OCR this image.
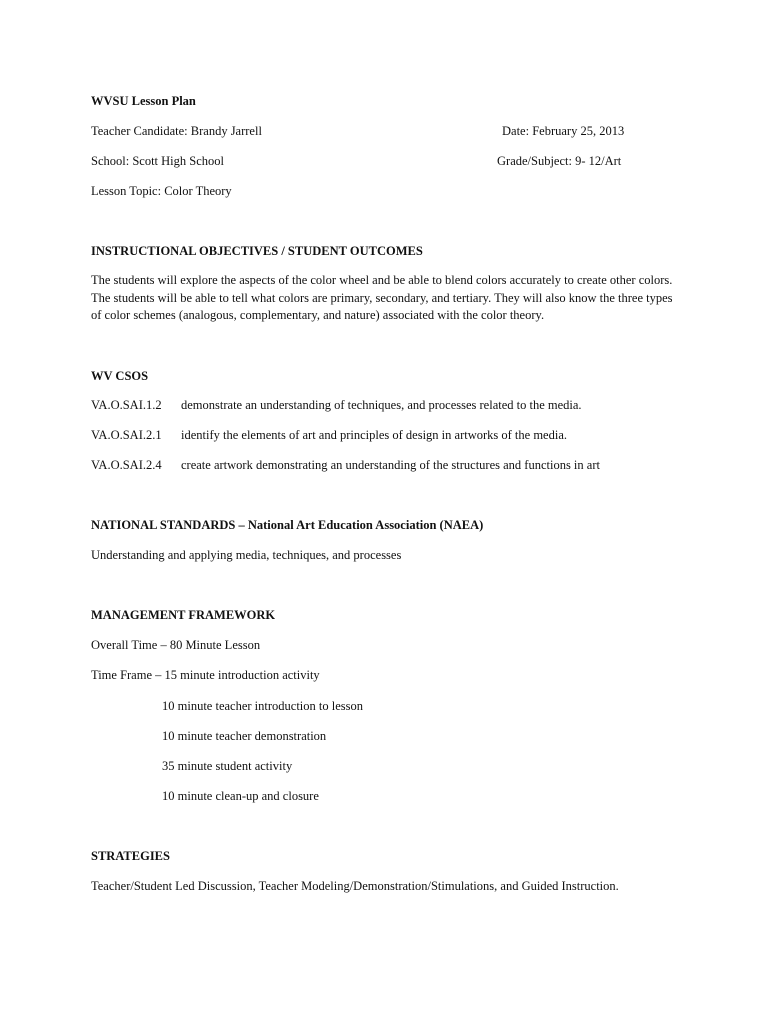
WVSU Lesson Plan
Teacher Candidate: Brandy Jarrell	Date: February 25, 2013
School: Scott High School	Grade/Subject: 9- 12/Art
Lesson Topic: Color Theory
INSTRUCTIONAL OBJECTIVES / STUDENT OUTCOMES
The students will explore the aspects of the color wheel and be able to blend colors accurately to create other colors.
The students will be able to tell what colors are primary, secondary, and tertiary. They will also know the three types
of color schemes (analogous, complementary, and nature) associated with the color theory.
WV CSOS
VA.O.SAI.1.2 demonstrate an understanding of techniques, and processes related to the media.
VA.O.SAI.2.1 identify the elements of art and principles of design in artworks of the media.
VA.O.SAI.2.4 create artwork demonstrating an understanding of the structures and functions in art
NATIONAL STANDARDS – National Art Education Association (NAEA)
Understanding and applying media, techniques, and processes
MANAGEMENT FRAMEWORK
Overall Time – 80 Minute Lesson
Time Frame – 15 minute introduction activity
10 minute teacher introduction to lesson
10 minute teacher demonstration
35 minute student activity
10 minute clean-up and closure
STRATEGIES
Teacher/Student Led Discussion, Teacher Modeling/Demonstration/Stimulations, and Guided Instruction.
